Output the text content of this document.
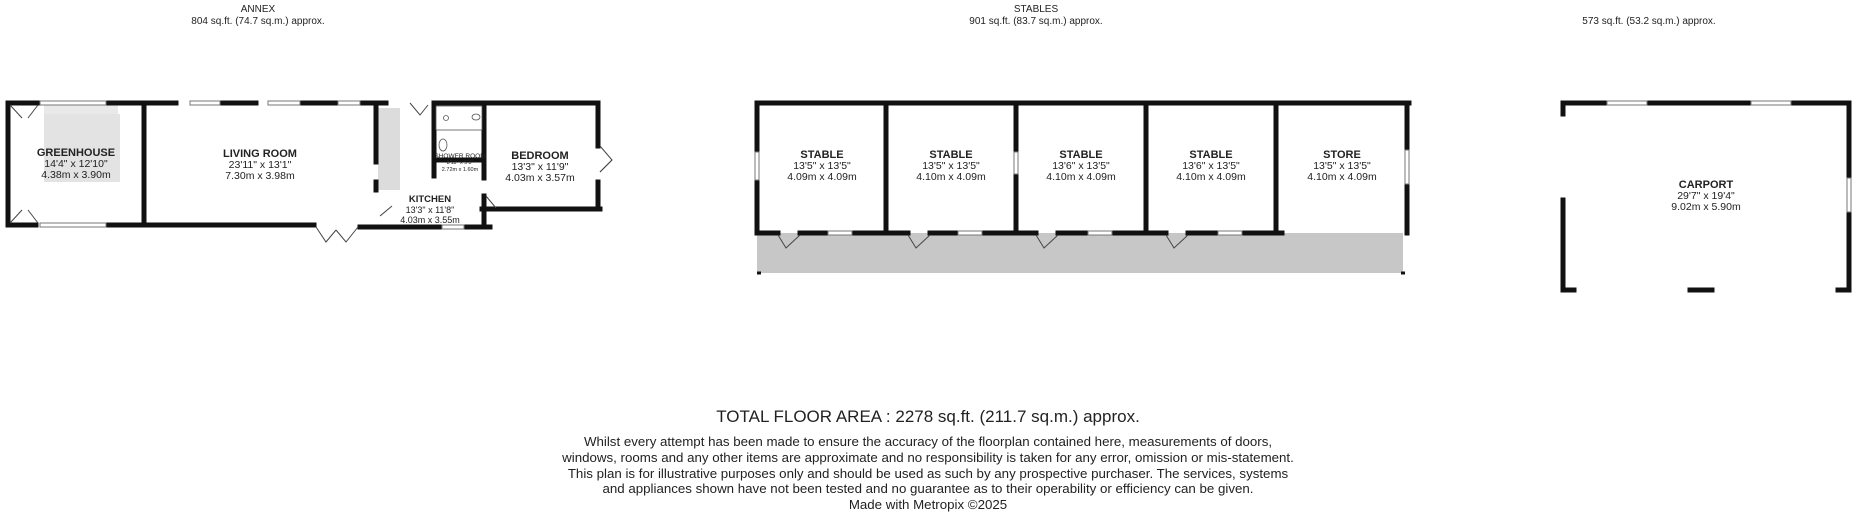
ANNEX
804 sq.ft. (74.7 sq.m.) approx.
STABLES
901 sq.ft. (83.7 sq.m.) approx.	573 sq.ft. (53.2 sq.m.) approx.
GREENHOUSE
14'4" x 12'10"
4.38m x 3.90m
LIVING ROOM
23'11" x 13'1"
7.30m x 3.98m
SHOWER ROOM
8'11" x 5'3"
2.72m x 1.60m
BEDROOM
13'3" x 11'9"
4.03m x 3.57m
KITCHEN
13'3" x 11'8"
4.03m x 3.55m
STABLE
13'5" x 13'5"
4.09m x 4.09m
STABLE
13'5" x 13'5"
4.10m x 4.09m
STABLE
13'6" x 13'5"
4.10m x 4.09m
STABLE
13'6" x 13'5"
4.10m x 4.09m
STORE
13'5" x 13'5"
4.10m x 4.09m
CARPORT
29'7" x 19'4"
9.02m x 5.90m
TOTAL FLOOR AREA : 2278 sq.ft. (211.7 sq.m.) approx.
Whilst every attempt has been made to ensure the accuracy of the floorplan contained here, measurements of doors, windows, rooms and any other items are approximate and no responsibility is taken for any error, omission or mis-statement. This plan is for illustrative purposes only and should be used as such by any prospective purchaser. The services, systems and appliances shown have not been tested and no guarantee as to their operability or efficiency can be given.
Made with Metropix ©2025
